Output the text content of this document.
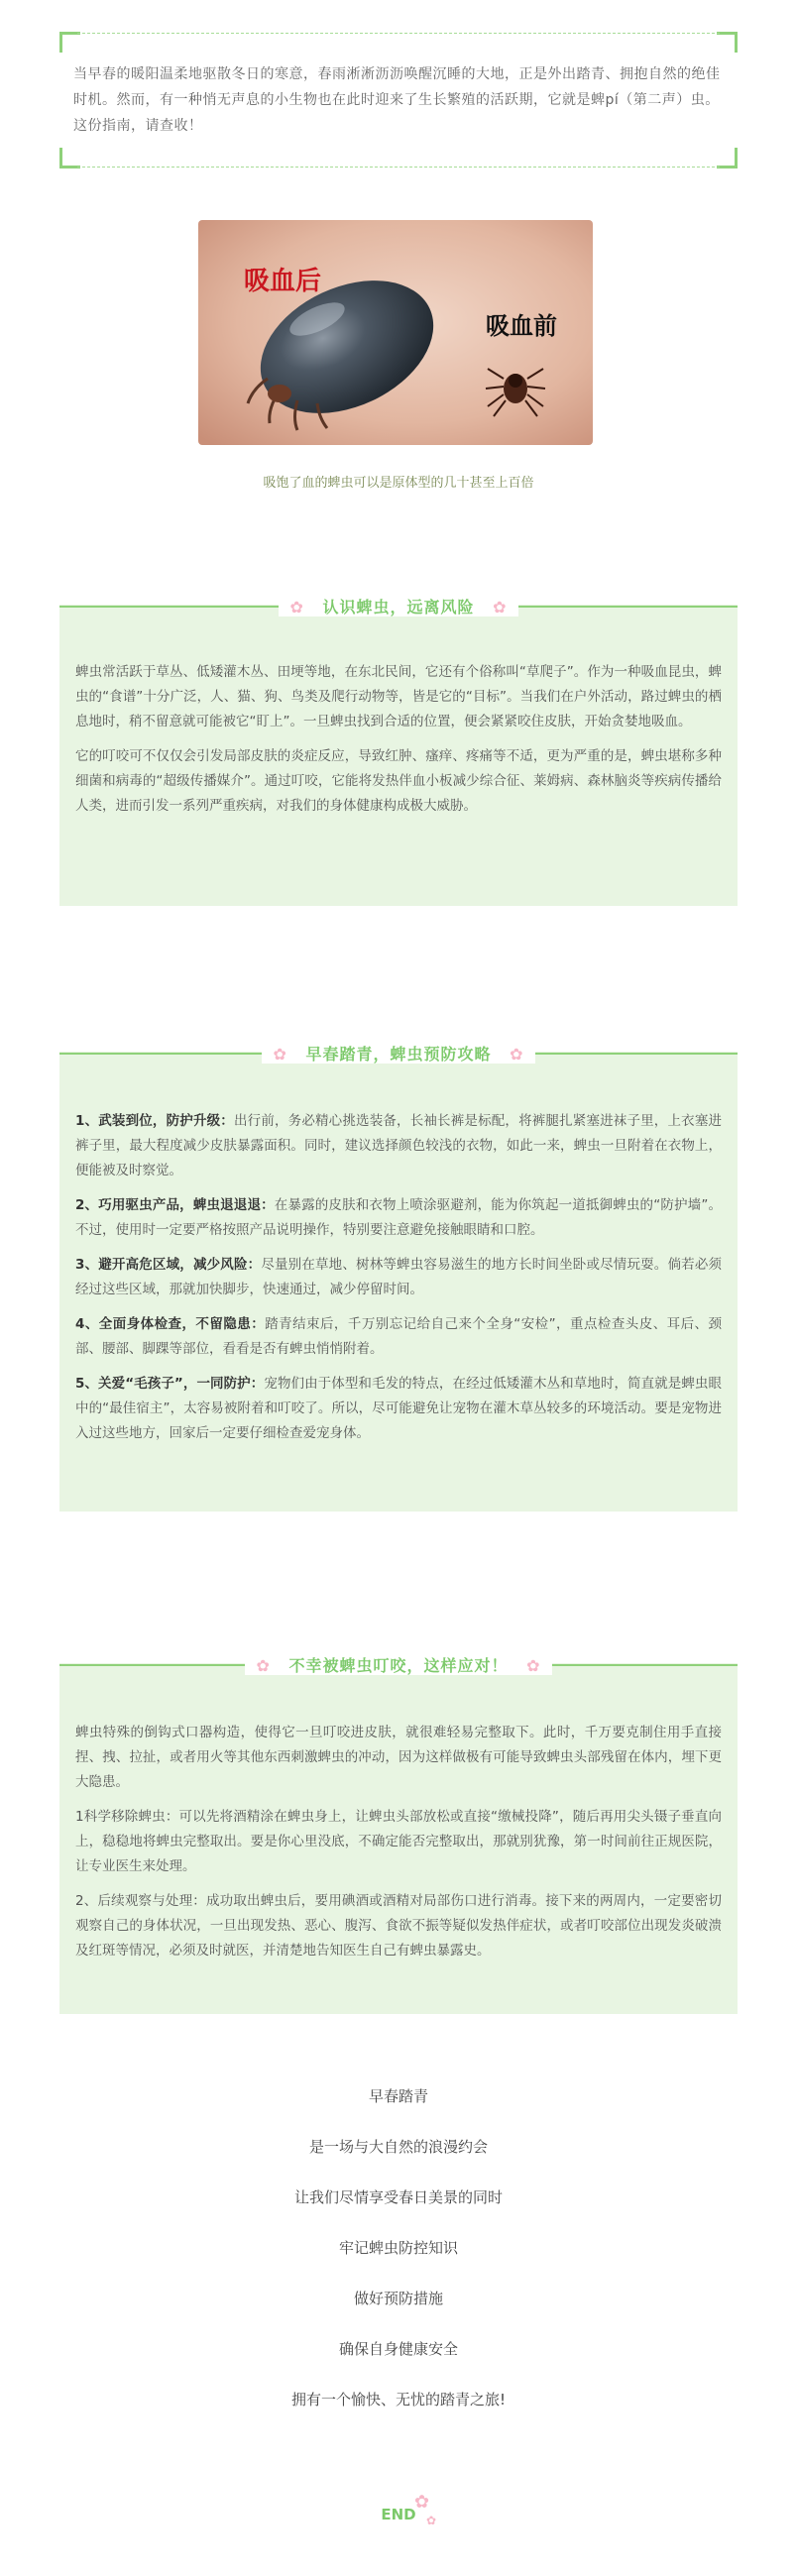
当早春的暖阳温柔地驱散冬日的寒意，春雨淅淅沥沥唤醒沉睡的大地，正是外出踏青、拥抱自然的绝佳时机。然而，有一种悄无声息的小生物也在此时迎来了生长繁殖的活跃期，它就是蜱pí（第二声）虫。这份指南，请查收！
吸血后
吸血前
吸饱了血的蜱虫可以是原体型的几十甚至上百倍
✿ 认识蜱虫，远离风险 ✿

蜱虫常活跃于草丛、低矮灌木丛、田埂等地，在东北民间，它还有个俗称叫“草爬子”。作为一种吸血昆虫，蜱虫的“食谱”十分广泛，人、猫、狗、鸟类及爬行动物等，皆是它的“目标”。当我们在户外活动，路过蜱虫的栖息地时，稍不留意就可能被它“盯上”。一旦蜱虫找到合适的位置，便会紧紧咬住皮肤，开始贪婪地吸血。

它的叮咬可不仅仅会引发局部皮肤的炎症反应，导致红肿、瘙痒、疼痛等不适，更为严重的是，蜱虫堪称多种细菌和病毒的“超级传播媒介”。通过叮咬，它能将发热伴血小板减少综合征、莱姆病、森林脑炎等疾病传播给人类，进而引发一系列严重疾病，对我们的身体健康构成极大威胁。

✿ 早春踏青，蜱虫预防攻略 ✿

1、武装到位，防护升级：出行前，务必精心挑选装备，长袖长裤是标配，将裤腿扎紧塞进袜子里，上衣塞进裤子里，最大程度减少皮肤暴露面积。同时，建议选择颜色较浅的衣物，如此一来，蜱虫一旦附着在衣物上，便能被及时察觉。

2、巧用驱虫产品，蜱虫退退退：在暴露的皮肤和衣物上喷涂驱避剂，能为你筑起一道抵御蜱虫的“防护墙”。不过，使用时一定要严格按照产品说明操作，特别要注意避免接触眼睛和口腔。

3、避开高危区域，减少风险：尽量别在草地、树林等蜱虫容易滋生的地方长时间坐卧或尽情玩耍。倘若必须经过这些区域，那就加快脚步，快速通过，减少停留时间。

4、全面身体检查，不留隐患：踏青结束后，千万别忘记给自己来个全身“安检”，重点检查头皮、耳后、颈部、腰部、脚踝等部位，看看是否有蜱虫悄悄附着。

5、关爱“毛孩子”，一同防护：宠物们由于体型和毛发的特点，在经过低矮灌木丛和草地时，简直就是蜱虫眼中的“最佳宿主”，太容易被附着和叮咬了。所以，尽可能避免让宠物在灌木草丛较多的环境活动。要是宠物进入过这些地方，回家后一定要仔细检查爱宠身体。

✿ 不幸被蜱虫叮咬，这样应对！ ✿

蜱虫特殊的倒钩式口器构造，使得它一旦叮咬进皮肤，就很难轻易完整取下。此时，千万要克制住用手直接捏、拽、拉扯，或者用火等其他东西刺激蜱虫的冲动，因为这样做极有可能导致蜱虫头部残留在体内，埋下更大隐患。

1科学移除蜱虫：可以先将酒精涂在蜱虫身上，让蜱虫头部放松或直接“缴械投降”，随后再用尖头镊子垂直向上，稳稳地将蜱虫完整取出。要是你心里没底，不确定能否完整取出，那就别犹豫，第一时间前往正规医院，让专业医生来处理。

2、后续观察与处理：成功取出蜱虫后，要用碘酒或酒精对局部伤口进行消毒。接下来的两周内，一定要密切观察自己的身体状况，一旦出现发热、恶心、腹泻、食欲不振等疑似发热伴症状，或者叮咬部位出现发炎破溃及红斑等情况，必须及时就医，并清楚地告知医生自己有蜱虫暴露史。

早春踏青
是一场与大自然的浪漫约会
让我们尽情享受春日美景的同时
牢记蜱虫防控知识
做好预防措施
确保自身健康安全
拥有一个愉快、无忧的踏青之旅!
✿
END ✿
